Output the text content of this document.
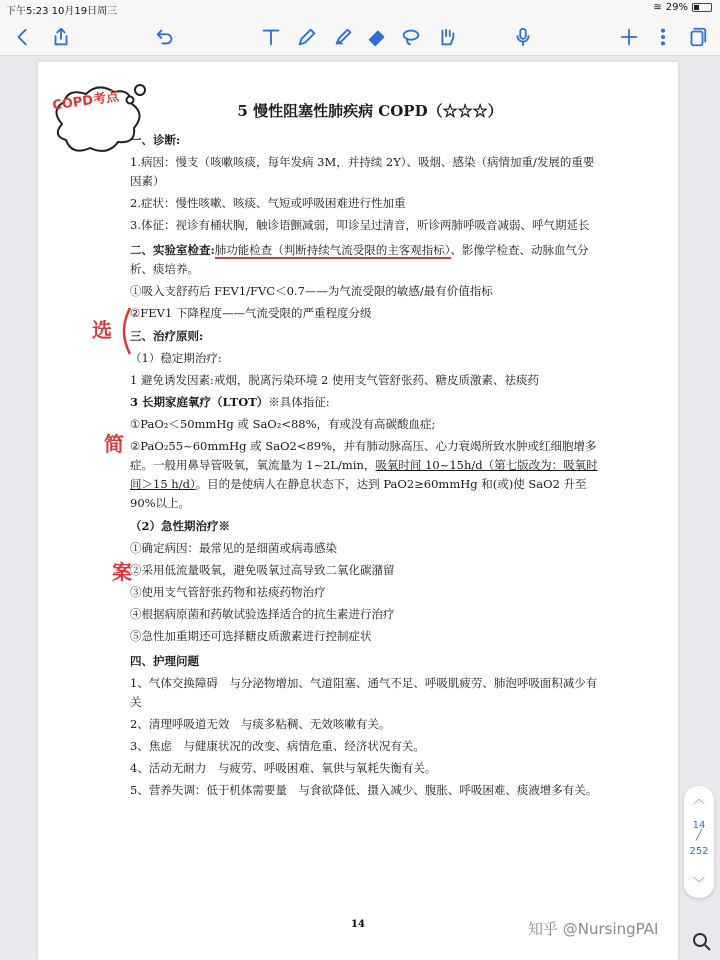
下午5:23 10月19日周三	≋ 29%
COPD考点
选
简
案
5 慢性阻塞性肺疾病 COPD（☆☆☆）
一、诊断:

1.病因：慢支（咳嗽咳痰，每年发病 3M，并持续 2Y）、吸烟、感染（病情加重/发展的重要因素）

2.症状：慢性咳嗽、咳痰、气短或呼吸困难进行性加重

3.体征：视诊有桶状胸，触诊语颤减弱，叩诊呈过清音，听诊两肺呼吸音减弱、呼气期延长

二、实验室检查:肺功能检查（判断持续气流受限的主客观指标）、影像学检查、动脉血气分析、痰培养。

①吸入支舒药后 FEV1/FVC＜0.7——为气流受限的敏感/最有价值指标

②FEV1 下降程度——气流受限的严重程度分级

三、治疗原则:

（1）稳定期治疗:

1 避免诱发因素:戒烟，脱离污染环境 2 使用支气管舒张药、糖皮质激素、祛痰药

3 长期家庭氧疗（LTOT）※具体指征:

①PaO₂＜50mmHg 或 SaO₂<88%，有或没有高碳酸血症;

②PaO₂55~60mmHg 或 SaO2<89%，并有肺动脉高压、心力衰竭所致水肿或红细胞增多症。一般用鼻导管吸氧，氧流量为 1~2L/min，吸氧时间 10~15h/d（第七版改为：吸氧时间＞15 h/d）。目的是使病人在静息状态下，达到 PaO2≥60mmHg 和(或)使 SaO2 升至 90%以上。

（2）急性期治疗※

①确定病因：最常见的是细菌或病毒感染

②采用低流量吸氧，避免吸氧过高导致二氧化碳潴留

③使用支气管舒张药物和祛痰药物治疗

④根据病原菌和药敏试验选择适合的抗生素进行治疗

⑤急性加重期还可选择糖皮质激素进行控制症状

四、护理问题

1、气体交换障碍　与分泌物增加、气道阻塞、通气不足、呼吸肌疲劳、肺泡呼吸面积减少有关

2、清理呼吸道无效　与痰多粘稠、无效咳嗽有关。

3、焦虑　与健康状况的改变、病情危重、经济状况有关。

4、活动无耐力　与疲劳、呼吸困难、氧供与氧耗失衡有关。

5、营养失调：低于机体需要量　与食欲降低、摄入减少、腹胀、呼吸困难、痰液增多有关。

14
︿
14
╱
252
﹀
知乎 @NursingPAI
